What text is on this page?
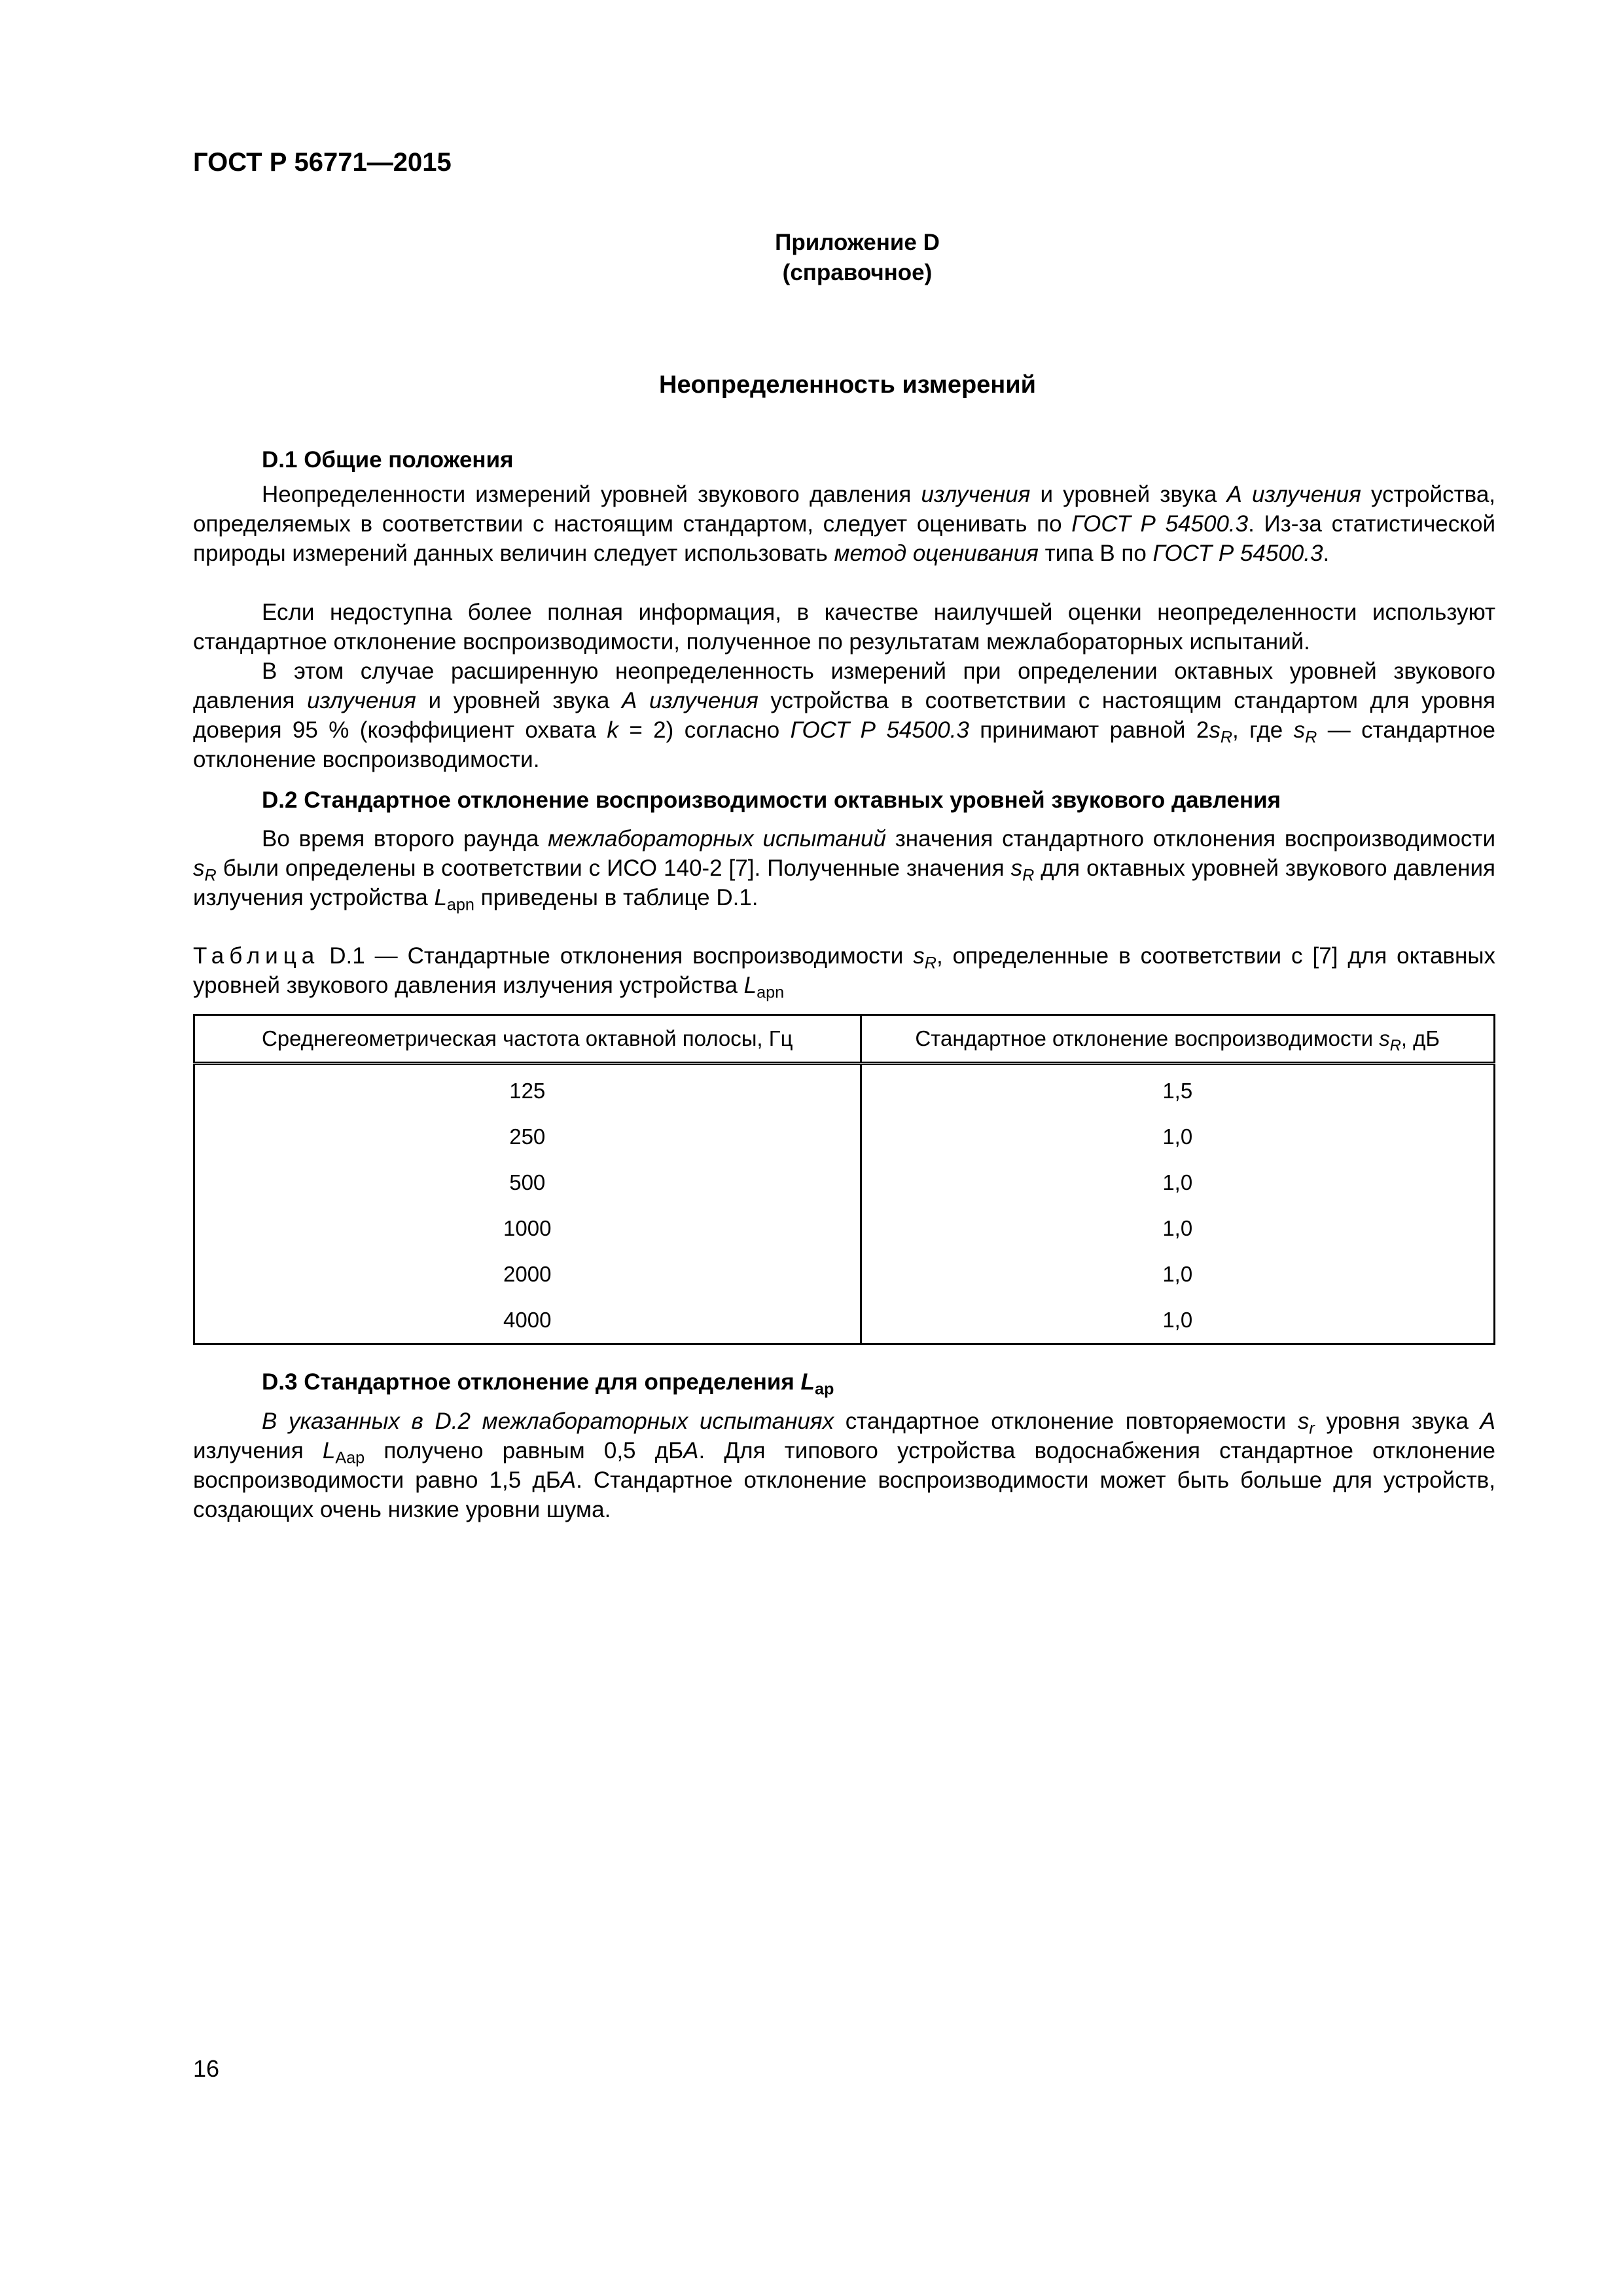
ГОСТ Р 56771—2015
Приложение D
(справочное)
Неопределенность измерений
D.1 Общие положения

Неопределенности измерений уровней звукового давления излучения и уровней звука А излучения устройства, определяемых в соответствии с настоящим стандартом, следует оценивать по ГОСТ Р 54500.3. Из-за статистической природы измерений данных величин следует использовать метод оценивания типа В по ГОСТ Р 54500.3.

Если недоступна более полная информация, в качестве наилучшей оценки неопределенности используют стандартное отклонение воспроизводимости, полученное по результатам межлабораторных испытаний.

В этом случае расширенную неопределенность измерений при определении октавных уровней звукового давления излучения и уровней звука А излучения устройства в соответствии с настоящим стандартом для уровня доверия 95 % (коэффициент охвата k = 2) согласно ГОСТ Р 54500.3 принимают равной $2s_R$, где $s_R$ — стандартное отклонение воспроизводимости.

D.2 Стандартное отклонение воспроизводимости октавных уровней звукового давления

Во время второго раунда межлабораторных испытаний значения стандартного отклонения воспроизводимости $s_R$ были определены в соответствии с ИСО 140-2 [7]. Полученные значения $s_R$ для октавных уровней звукового давления излучения устройства $L_{apn}$ приведены в таблице D.1.

Таблица D.1 — Стандартные отклонения воспроизводимости $s_R$, определенные в соответствии с [7] для октавных уровней звукового давления излучения устройства $L_{apn}$

Среднегеометрическая частота октавной полосы, Гц	Стандартное отклонение воспроизводимости $s_R$, дБ
125	1,5
250	1,0
500	1,0
1000	1,0
2000	1,0
4000	1,0
D.3 Стандартное отклонение для определения $L_{ap}$

В указанных в D.2 межлабораторных испытаниях стандартное отклонение повторяемости $s_r$ уровня звука А излучения $L_{Aap}$ получено равным 0,5 дБA. Для типового устройства водоснабжения стандартное отклонение воспроизводимости равно 1,5 дБА. Стандартное отклонение воспроизводимости может быть больше для устройств, создающих очень низкие уровни шума.

16
